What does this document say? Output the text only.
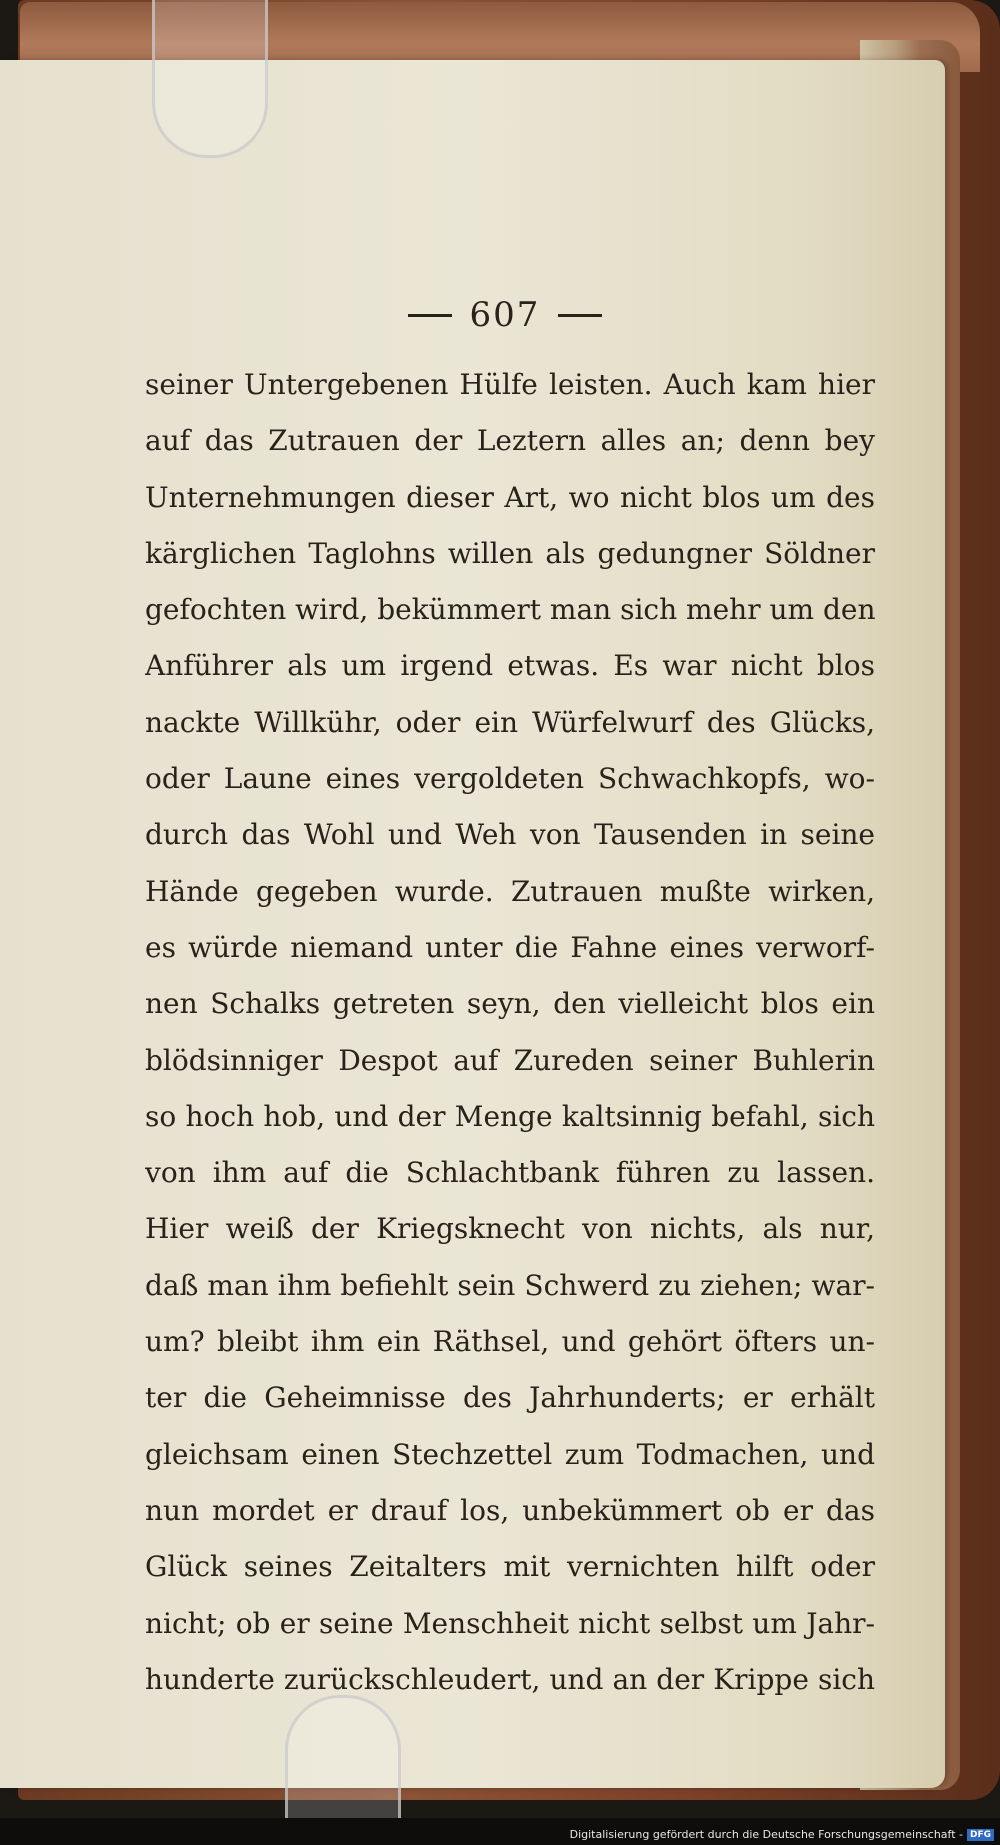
607
seiner Untergebenen Hülfe leisten. Auch kam hier
auf das Zutrauen der Leztern alles an; denn bey
Unternehmungen dieser Art, wo nicht blos um des
kärglichen Taglohns willen als gedungner Söldner
gefochten wird, bekümmert man sich mehr um den
Anführer als um irgend etwas. Es war nicht blos
nackte Willkühr, oder ein Würfelwurf des Glücks,
oder Laune eines vergoldeten Schwachkopfs, wo-
durch das Wohl und Weh von Tausenden in seine
Hände gegeben wurde. Zutrauen mußte wirken,
es würde niemand unter die Fahne eines verworf-
nen Schalks getreten seyn, den vielleicht blos ein
blödsinniger Despot auf Zureden seiner Buhlerin
so hoch hob, und der Menge kaltsinnig befahl, sich
von ihm auf die Schlachtbank führen zu lassen.
Hier weiß der Kriegsknecht von nichts, als nur,
daß man ihm befiehlt sein Schwerd zu ziehen; war-
um? bleibt ihm ein Räthsel, und gehört öfters un-
ter die Geheimnisse des Jahrhunderts; er erhält
gleichsam einen Stechzettel zum Todmachen, und
nun mordet er drauf los, unbekümmert ob er das
Glück seines Zeitalters mit vernichten hilft oder
nicht; ob er seine Menschheit nicht selbst um Jahr-
hunderte zurückschleudert, und an der Krippe sich
Digitalisierung gefördert durch die Deutsche Forschungsgemeinschaft - DFG
